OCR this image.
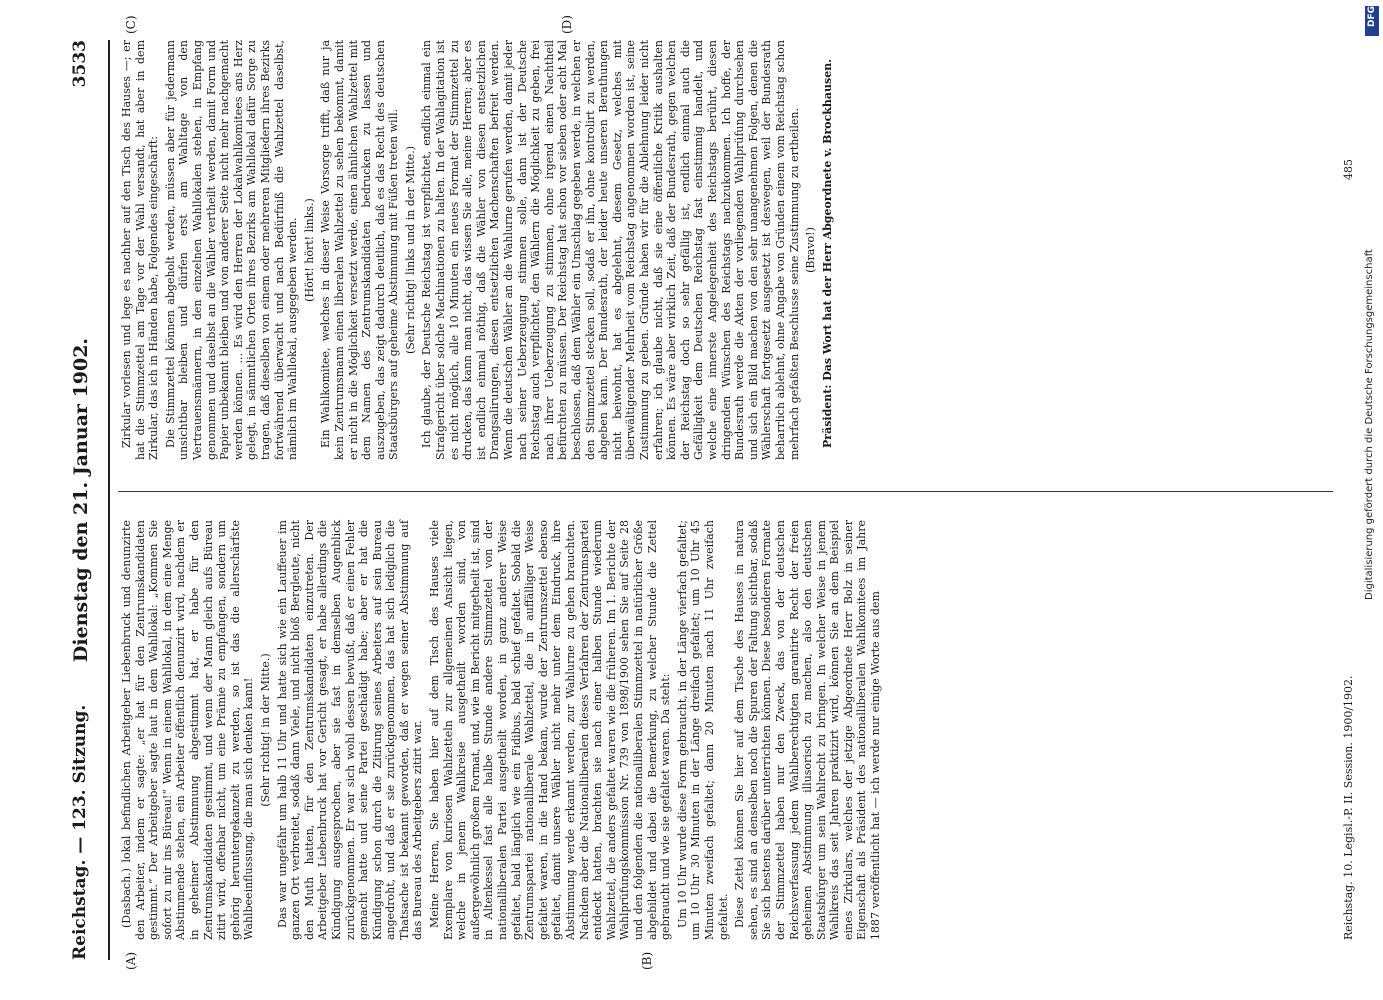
Reichstag. — 123. Sitzung.
Dienstag den 21. Januar 1902.
3533
(A)	(B)
(C)	(D)

(Dasbach.) lokal befindlichen Arbeitgeber Liebenbruck und denunzirte den Arbeiter, indem er sagte: „er hat für den Zentrumskandidaten gestimmt.“ Der Arbeitgeber sagte laut in dem Wahllokal: „Kommen Sie sofort zu mir ins Büreau!“ Wenn in einem Wahllokal, in dem eine Menge Abstimmende stehen, ein Arbeiter öffentlich denunzirt wird, nachdem er in geheimer Abstimmung abgestimmt hat, er habe für den Zentrumskandidaten gestimmt, und wenn der Mann gleich aufs Büreau zitirt wird, offenbar nicht, um eine Prämie zu empfangen, sondern um gehörig heruntergekanzelt zu werden, so ist das die allerschärfste Wahlbeeinflussung, die man sich denken kann! (Sehr richtig! in der Mitte.) Das war ungefähr um halb 11 Uhr und hatte sich wie ein Lauffeuer im ganzen Ort verbreitet, sodaß dann Viele, und nicht bloß Bergleute, nicht den Muth hatten, für den Zentrumskandidaten einzutreten. Der Arbeitgeber Liebenbruck hat vor Gericht gesagt, er habe allerdings die Kündigung ausgesprochen, aber sie fast in demselben Augenblick zurückgenommen. Er war sich wohl dessen bewußt, daß er einen Fehler gemacht hatte und seine Partei geschädigt habe; aber er hat die Kündigung schon durch die Zitirung seines Arbeiters auf sein Bureau angedroht, und daß er sie zurückgenommen, das hat sich lediglich die Thatsache ist bekannt geworden, daß er wegen seiner Abstimmung auf das Bureau des Arbeitgebers zitirt war. Meine Herren, Sie haben hier auf dem Tisch des Hauses viele Exemplare von kuriosen Wahlzetteln zur allgemeinen Ansicht liegen, welche in jenem Wahlkreise ausgetheilt worden sind, von außergewöhnlich großem Format, und, wie im Bericht mitgetheilt ist, sind in Altenkessel fast alle halbe Stunde andere Stimmzettel von der nationalliberalen Partei ausgetheilt worden, in ganz anderer Weise gefaltet, bald länglich wie ein Fidibus, bald schief gefaltet. Sobald die Zentrumspartei nationalliberale Wahlzettel, die in auffälliger Weise gefaltet waren, in die Hand bekam, wurde der Zentrumszettel ebenso gefaltet, damit unsere Wähler nicht mehr unter dem Eindruck, ihre Abstimmung werde erkannt werden, zur Wahlurne zu gehen brauchten. Nachdem aber die Nationalliberalen dieses Verfahren der Zentrumspartei entdeckt hatten, brachten sie nach einer halben Stunde wiederum Wahlzettel, die anders gefaltet waren wie die früheren. Im 1. Berichte der Wahlprüfungskommission Nr. 739 von 1898/1900 sehen Sie auf Seite 28 und den folgenden die nationalliberalen Stimmzettel in natürlicher Größe abgebildet und dabei die Bemerkung, zu welcher Stunde die Zettel gebraucht und wie sie gefaltet waren. Da steht: Um 10 Uhr wurde diese Form gebraucht, in der Länge vierfach gefaltet; um 10 Uhr 30 Minuten in der Länge dreifach gefaltet; um 10 Uhr 45 Minuten zweifach gefaltet; dann 20 Minuten nach 11 Uhr zweifach gefaltet. Diese Zettel können Sie hier auf dem Tische des Hauses in natura sehen, es sind an denselben noch die Spuren der Faltung sichtbar, sodaß Sie sich bestens darüber unterrichten können. Diese besonderen Formate der Stimmzettel haben nur den Zweck, das von der deutschen Reichsverfassung jedem Wahlberechtigten garantirte Recht der freien geheimen Abstimmung illusorisch zu machen, also den deutschen Staatsbürger um sein Wahlrecht zu bringen. In welcher Weise in jenem Wahlkreis das seit Jahren praktizirt wird, können Sie an dem Beispiel eines Zirkulars, welches der jetzige Abgeordnete Herr Bolz in seiner Eigenschaft als Präsident des nationalliberalen Wahlkomitees im Jahre 1887 veröffentlicht hat — ich werde nur einige Worte aus dem

Zirkular vorlesen und lege es nachher auf den Tisch des Hauses —; er hat die Stimmzettel am Tage vor der Wahl versandt, hat aber in dem Zirkular, das ich in Händen habe, Folgendes eingeschärft: Die Stimmzettel können abgeholt werden, müssen aber für jedermann unsichtbar bleiben und dürfen erst am Wahltage von den Vertrauensmännern, in den einzelnen Wahllokalen stehen, in Empfang genommen und daselbst an die Wähler vertheilt werden, damit Form und Papier unbekannt bleiben und von anderer Seite nicht mehr nachgemacht werden können. ... Es wird den Herren der Lokalwahlkomitees ans Herz gelegt, in sämmtlichen Orten ihres Bezirks am Wahllokal dafür Sorge zu tragen, daß dieselben von einem oder mehreren Mitgliedern ihres Bezirks fortwährend überwacht und nach Bedürfniß die Wahlzettel daselbst, nämlich im Wahllokal, ausgegeben werden. (Hört! hört! links.) Ein Wahlkomitee, welches in dieser Weise Vorsorge trifft, daß nur ja kein Zentrumsmann einen liberalen Wahlzettel zu sehen bekommt, damit er nicht in die Möglichkeit versetzt werde, einen ähnlichen Wahlzettel mit dem Namen des Zentrumskandidaten bedrucken zu lassen und auszugeben, das zeigt dadurch deutlich, daß es das Recht des deutschen Staatsbürgers auf geheime Abstimmung mit Füßen treten will. (Sehr richtig! links und in der Mitte.) Ich glaube, der Deutsche Reichstag ist verpflichtet, endlich einmal ein Strafgericht über solche Machinationen zu halten. In der Wahlagitation ist es nicht möglich, alle 10 Minuten ein neues Format der Stimmzettel zu drucken, das kann man nicht, das wissen Sie alle, meine Herren; aber es ist endlich einmal nöthig, daß die Wähler von diesen entsetzlichen Drangsalirungen, diesen entsetzlichen Machenschaften befreit werden. Wenn die deutschen Wähler an die Wahlurne gerufen werden, damit jeder nach seiner Ueberzeugung stimmen solle, dann ist der Deutsche Reichstag auch verpflichtet, den Wählern die Möglichkeit zu geben, frei nach ihrer Ueberzeugung zu stimmen, ohne irgend einen Nachtheil befürchten zu müssen. Der Reichstag hat schon vor sieben oder acht Mal beschlossen, daß dem Wähler ein Umschlag gegeben werde, in welchen er den Stimmzettel stecken soll, sodaß er ihn, ohne kontrolirt zu werden, abgeben kann. Der Bundesrath, der leider heute unseren Berathungen nicht beiwohnt, hat es abgelehnt, diesem Gesetz, welches mit überwältigender Mehrheit vom Reichstag angenommen worden ist, seine Zustimmung zu geben. Gründe haben wir für die Ablehnung leider nicht erfahren; ich glaube nicht, daß sie eine öffentliche Kritik aushalten können. Es wäre aber wirklich Zeit, daß der Bundesrath, gegen welchen der Reichstag doch so sehr gefällig ist, endlich einmal auch die Gefälligkeit dem Deutschen Reichstag fast einstimmig handelt, und welche eine innerste Angelegenheit des Reichstags berührt, diesen dringenden Wünschen des Reichstags nachzukommen. Ich hoffe, der Bundesrath werde die Akten der vorliegenden Wahlprüfung durchsehen und sich ein Bild machen von den sehr unangenehmen Folgen, denen die Wählerschaft fortgesetzt ausgesetzt ist deswegen, weil der Bundesrath beharrlich ablehnt, ohne Angabe von Gründen einem vom Reichstag schon mehrfach gefaßten Beschlusse seine Zustimmung zu ertheilen. (Bravo!) Präsident: Das Wort hat der Herr Abgeordnete v. Brockhausen.

Reichstag. 10. Legisl.-P. II. Session. 1900/1902.
485
DFG
Digitalisierung gefördert durch die Deutsche Forschungsgemeinschaft
